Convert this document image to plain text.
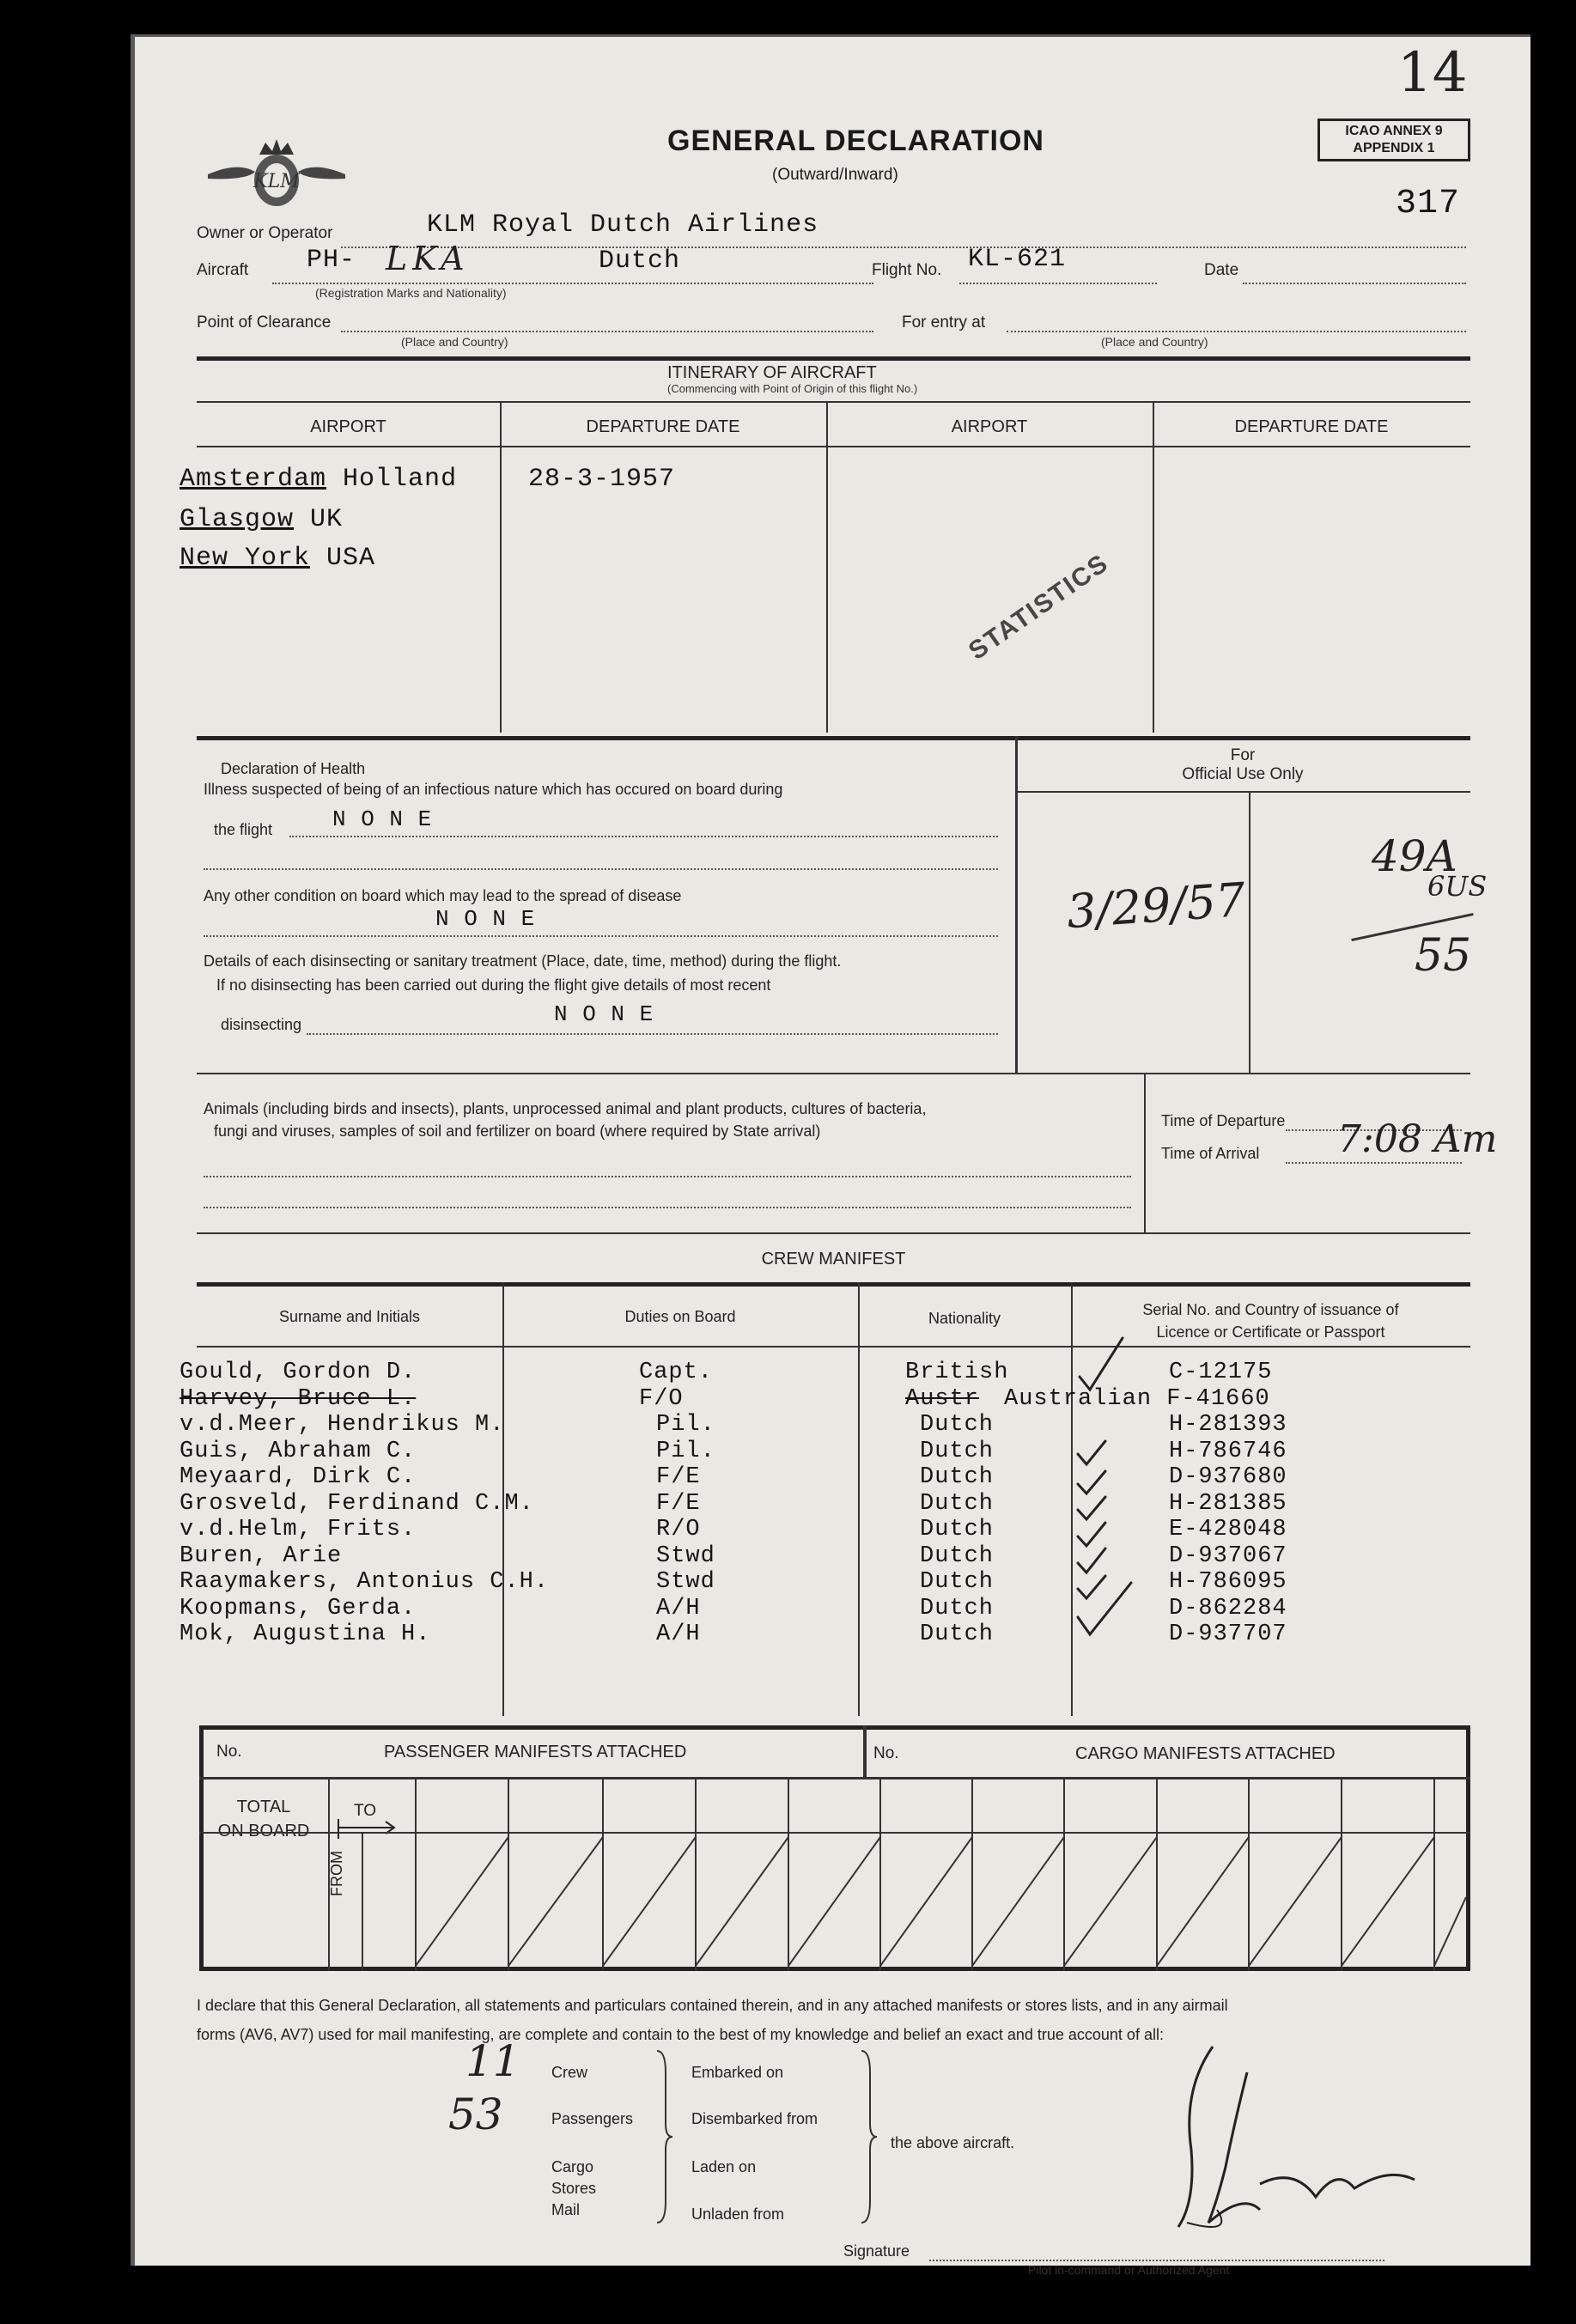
KLM
GENERAL DECLARATION
(Outward/Inward)
14
ICAO ANNEX 9
APPENDIX 1
317
Owner or Operator	KLM Royal Dutch Airlines
Aircraft PH- LKA	Dutch
(Registration Marks and Nationality)
Flight No. KL-621	Date
Point of Clearance
(Place and Country)
For entry at
(Place and Country)
ITINERARY OF AIRCRAFT
(Commencing with Point of Origin of this flight No.)
AIRPORT	DEPARTURE DATE	AIRPORT	DEPARTURE DATE
Amsterdam Holland	28-3-1957
Glasgow UK
New York USA	STATISTICS
Declaration of Health
Illness suspected of being of an infectious nature which has occured on board during
the flight	N O N E
Any other condition on board which may lead to the spread of disease
N O N E
Details of each disinsecting or sanitary treatment (Place, date, time, method) during the flight.
If no disinsecting has been carried out during the flight give details of most recent
disinsecting	N O N E
For
Official Use Only
3/29/57
49A
6US
55
Animals (including birds and insects), plants, unprocessed animal and plant products, cultures of bacteria,
fungi and viruses, samples of soil and fertilizer on board (where required by State arrival)
Time of Departure
Time of Arrival 7:08 Am
CREW MANIFEST
Surname and Initials	Duties on Board	Nationality	Serial No. and Country of issuance of
Licence or Certificate or Passport
Gould, Gordon D.	Capt.	British	C-12175
Harvey, Bruce L.	F/O	Austr Australian F-41660
v.d.Meer, Hendrikus M.	Pil.	Dutch	H-281393
Guis, Abraham C.	Pil.	Dutch	H-786746
Meyaard, Dirk C.	F/E	Dutch	D-937680
Grosveld, Ferdinand C.M.	F/E	Dutch	H-281385
v.d.Helm, Frits.	R/O	Dutch	E-428048
Buren, Arie	Stwd	Dutch	D-937067
Raaymakers, Antonius C.H.	Stwd	Dutch	H-786095
Koopmans, Gerda.	A/H	Dutch	D-862284
Mok, Augustina H.	A/H	Dutch	D-937707
No.	PASSENGER MANIFESTS ATTACHED	No.	CARGO MANIFESTS ATTACHED
TOTAL
ON BOARD
TO
FROM
I declare that this General Declaration, all statements and particulars contained therein, and in any attached manifests or stores lists, and in any airmail
forms (AV6, AV7) used for mail manifesting, are complete and contain to the best of my knowledge and belief an exact and true account of all:
11 Crew
53	Passengers
Cargo
Stores
Mail
Embarked on
Disembarked from
Laden on
Unladen from
the above aircraft.
Signature
Pilot in-command or Authorized Agent
